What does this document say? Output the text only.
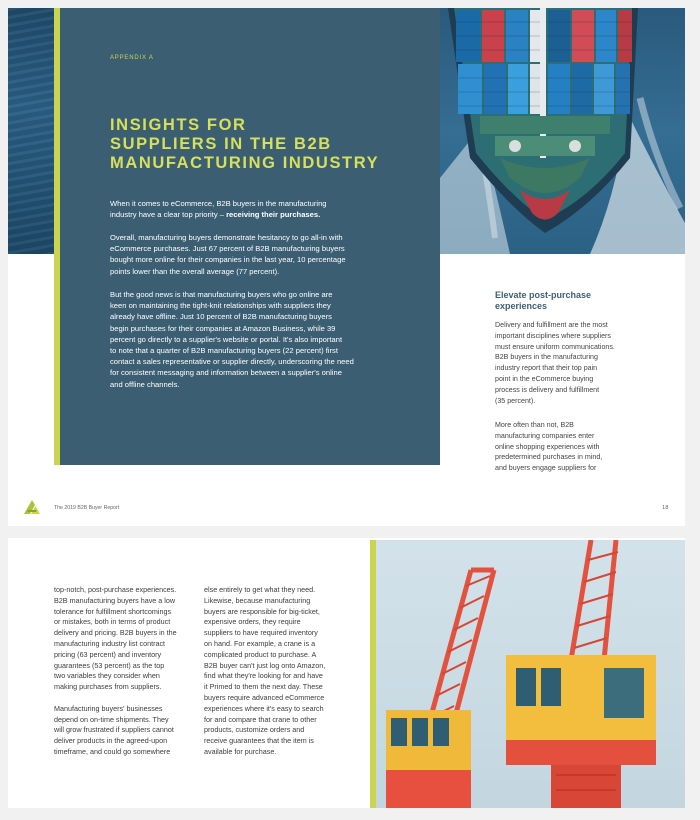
APPENDIX A
INSIGHTS FOR
SUPPLIERS IN THE B2B
MANUFACTURING INDUSTRY
When it comes to eCommerce, B2B buyers in the manufacturing
industry have a clear top priority – receiving their purchases.
Overall, manufacturing buyers demonstrate hesitancy to go all-in with
eCommerce purchases. Just 67 percent of B2B manufacturing buyers
bought more online for their companies in the last year, 10 percentage
points lower than the overall average (77 percent).
But the good news is that manufacturing buyers who go online are
keen on maintaining the tight-knit relationships with suppliers they
already have offline. Just 10 percent of B2B manufacturing buyers
begin purchases for their companies at Amazon Business, while 39
percent go directly to a supplier's website or portal. It's also important
to note that a quarter of B2B manufacturing buyers (22 percent) first
contact a sales representative or supplier directly, underscoring the need
for consistent messaging and information between a supplier's online
and offline channels.
Elevate post-purchase
experiences
Delivery and fulfillment are the most
important disciplines where suppliers
must ensure uniform communications.
B2B buyers in the manufacturing
industry report that their top pain
point in the eCommerce buying
process is delivery and fulfillment
(35 percent).
More often than not, B2B
manufacturing companies enter
online shopping experiences with
predetermined purchases in mind,
and buyers engage suppliers for
The 2019 B2B Buyer Report	18
top-notch, post-purchase experiences.
B2B manufacturing buyers have a low
tolerance for fulfillment shortcomings
or mistakes, both in terms of product
delivery and pricing. B2B buyers in the
manufacturing industry list contract
pricing (63 percent) and inventory
guarantees (53 percent) as the top
two variables they consider when
making purchases from suppliers.
Manufacturing buyers' businesses
depend on on-time shipments. They
will grow frustrated if suppliers cannot
deliver products in the agreed-upon
timeframe, and could go somewhere
else entirely to get what they need.
Likewise, because manufacturing
buyers are responsible for big-ticket,
expensive orders, they require
suppliers to have required inventory
on hand. For example, a crane is a
complicated product to purchase. A
B2B buyer can't just log onto Amazon,
find what they're looking for and have
it Primed to them the next day. These
buyers require advanced eCommerce
experiences where it's easy to search
for and compare that crane to other
products, customize orders and
receive guarantees that the item is
available for purchase.
